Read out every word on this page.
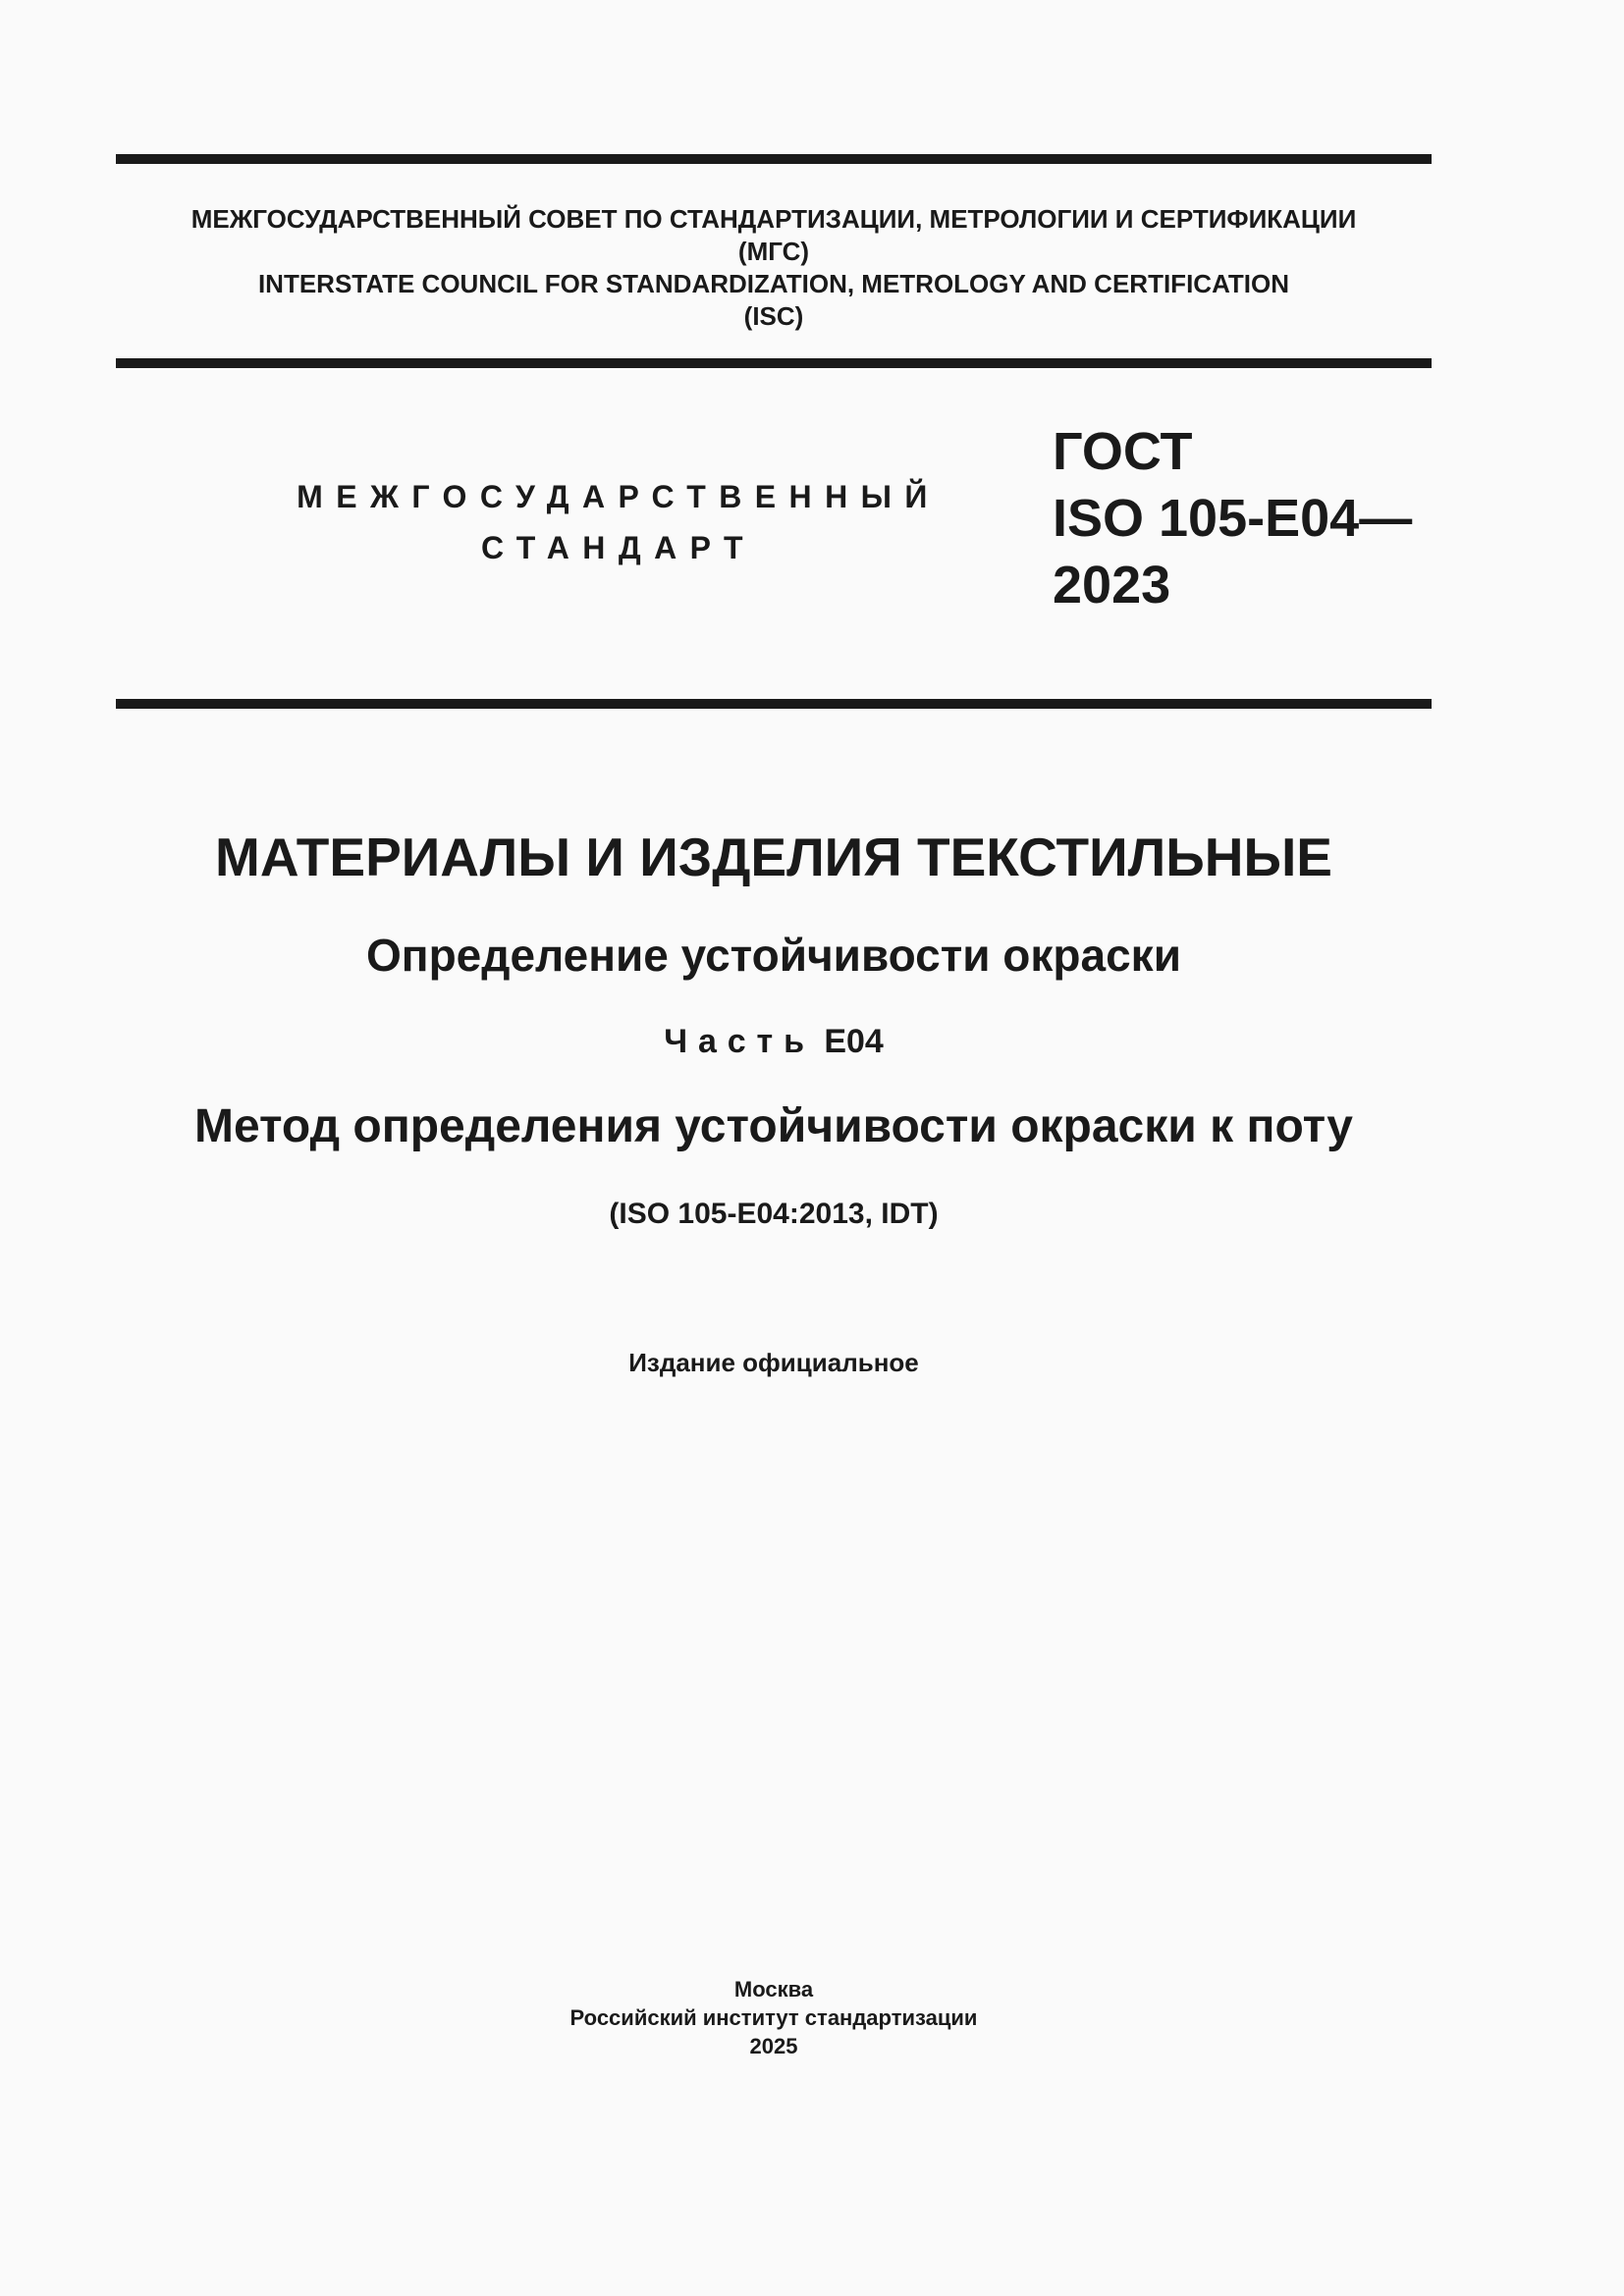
МЕЖГОСУДАРСТВЕННЫЙ СОВЕТ ПО СТАНДАРТИЗАЦИИ, МЕТРОЛОГИИ И СЕРТИФИКАЦИИ
(МГС)
INTERSTATE COUNCIL FOR STANDARDIZATION, METROLOGY AND CERTIFICATION
(ISC)
МЕЖГОСУДАРСТВЕННЫЙ
СТАНДАРТ
ГОСТ
ISO 105-E04—
2023
МАТЕРИАЛЫ И ИЗДЕЛИЯ ТЕКСТИЛЬНЫЕ
Определение устойчивости окраски
Часть E04
Метод определения устойчивости окраски к поту
(ISO 105-E04:2013, IDT)
Издание официальное
Москва
Российский институт стандартизации
2025
